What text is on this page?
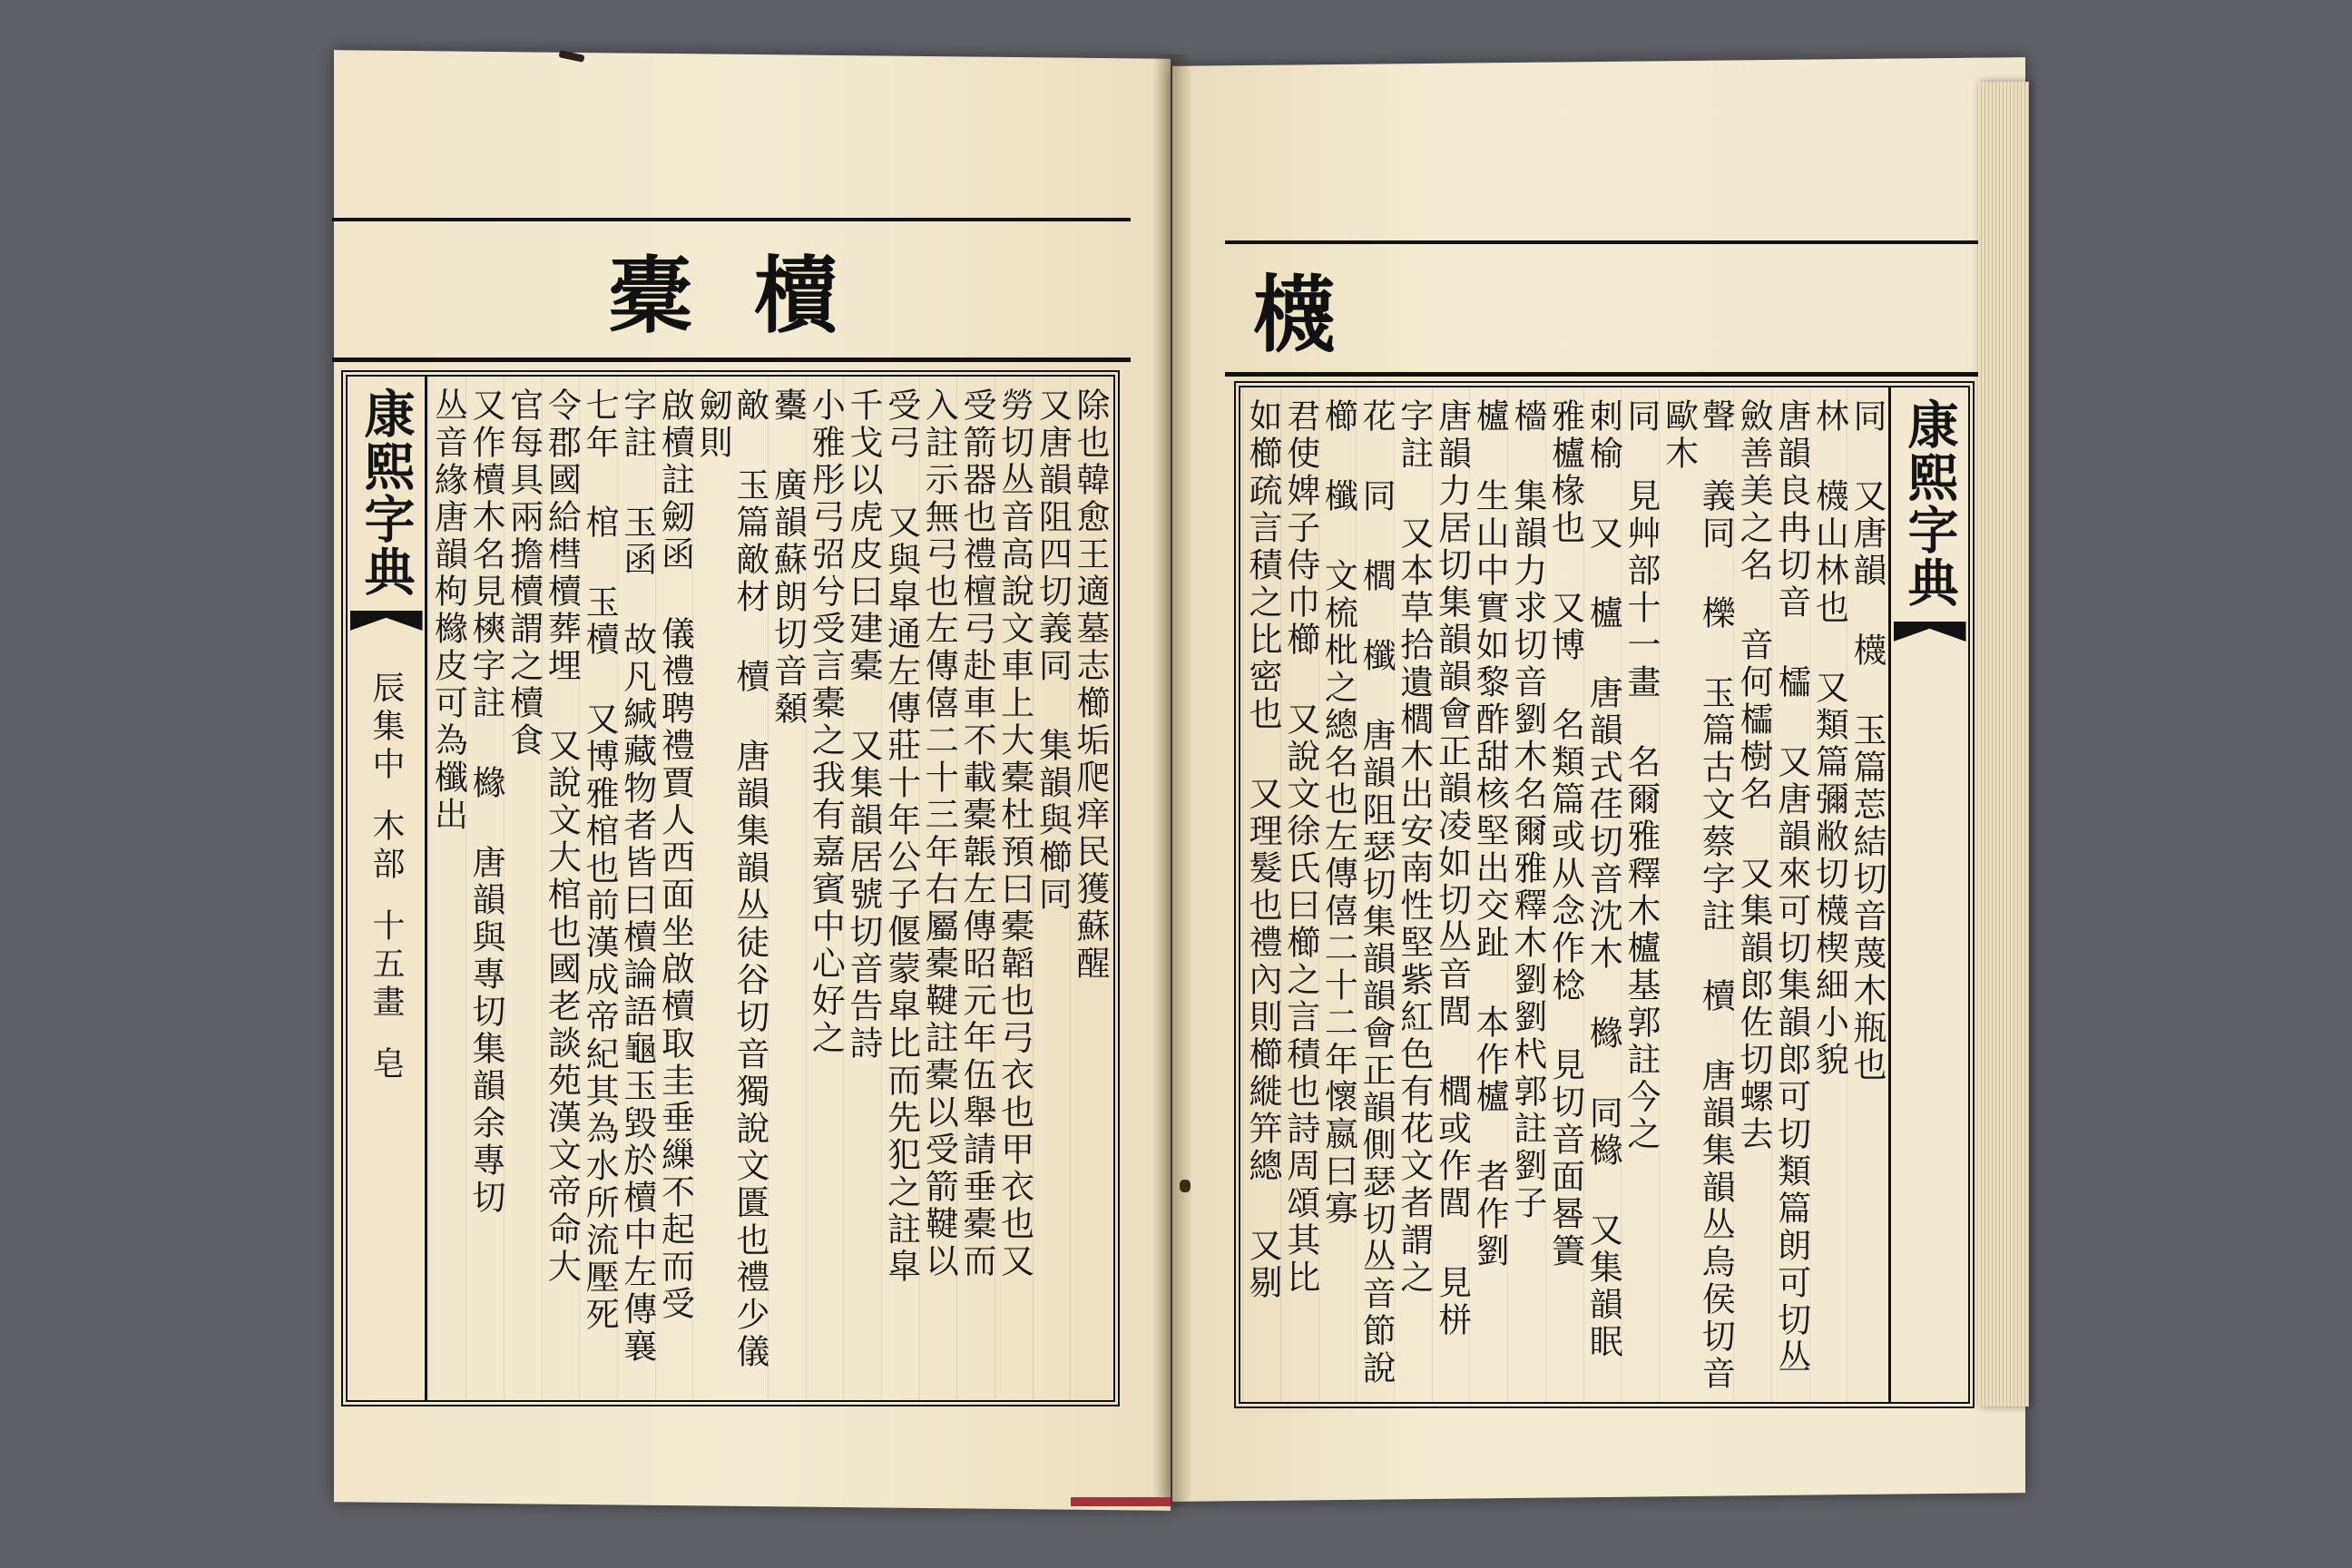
橐 櫝	櫗
康熙字典
辰集中
木部
十五畫
皂
除也韓愈王適墓志櫛垢爬痒民獲蘇醒
又唐韻阻四切義同 集韻與櫛同
勞切丛音高說文車上大橐杜預曰橐韜也弓衣也甲衣也又
受箭器也禮檀弓赴車不載橐韔左傳昭元年伍舉請垂橐而
入註示無弓也左傳僖二十三年右屬橐鞬註橐以受箭鞬以
受弓 又與皐通左傳莊十年公子偃蒙皐比而先犯之註皐
千戈以虎皮曰建橐 又集韻居號切音告詩
小雅彤弓弨兮受言橐之我有嘉賓中心好之
櫜 廣韻蘇朗切音顙
敵 玉篇敵材 櫝 唐韻集韻丛徒谷切音獨說文匱也禮少儀劒則
啟櫝註劒函 儀禮聘禮賈人西面坐啟櫝取圭垂繅不起而受
字註 玉函 故凡緘藏物者皆曰櫝論語龜玉毀於櫝中左傳襄
七年 棺 玉櫝 又博雅棺也前漢成帝紀其為水所流壓死
令郡國給槥櫝葬埋 又說文大棺也國老談苑漢文帝命大
官每具兩擔櫝謂之櫝食
又作櫝木名見樉字註 櫞 唐韻與專切集韻余專切
丛音緣唐韻枸櫞皮可為櫼出	康熙字典
同 又唐韻 櫗 玉篇莣結切音蔑木瓶也
林 櫗山林也 又類篇彌敝切櫗楔細小貌
唐韻良冉切音 櫺 又唐韻來可切集韻郎可切類篇朗可切丛
斂善美之名 音何櫺樹名 又集韻郎佐切螺去
聲 義同 櫟 玉篇古文蔡字註 櫝 唐韻集韻丛烏侯切音歐木
同 見艸部十一畫 名爾雅釋木櫨基郭註今之
刺榆 又 櫨 唐韻式荏切音沈木 櫞 同櫞 又集韻眠
雅櫨椽也 又博 名類篇或从念作棯 見切音面晷簀
檣 集韻力求切音劉木名爾雅釋木劉劉杙郭註劉子
櫨 生山中實如黎酢甜核堅出交趾 本作櫨 者作劉
唐韻力居切集韻韻會正韻凌如切丛音閭 櫚或作閭 見栟
字註 又本草拾遺櫚木出安南性堅紫紅色有花文者謂之
花 同 櫚 櫼 唐韻阻瑟切集韻韻會正韻側瑟切丛音節說
櫛 櫼 文梳枇之總名也左傳僖二十二年懷嬴曰寡
君使婢子侍巾櫛 又說文徐氏曰櫛之言積也詩周頌其比
如櫛疏言積之比密也 又理髮也禮內則櫛縰笄總 又剔
